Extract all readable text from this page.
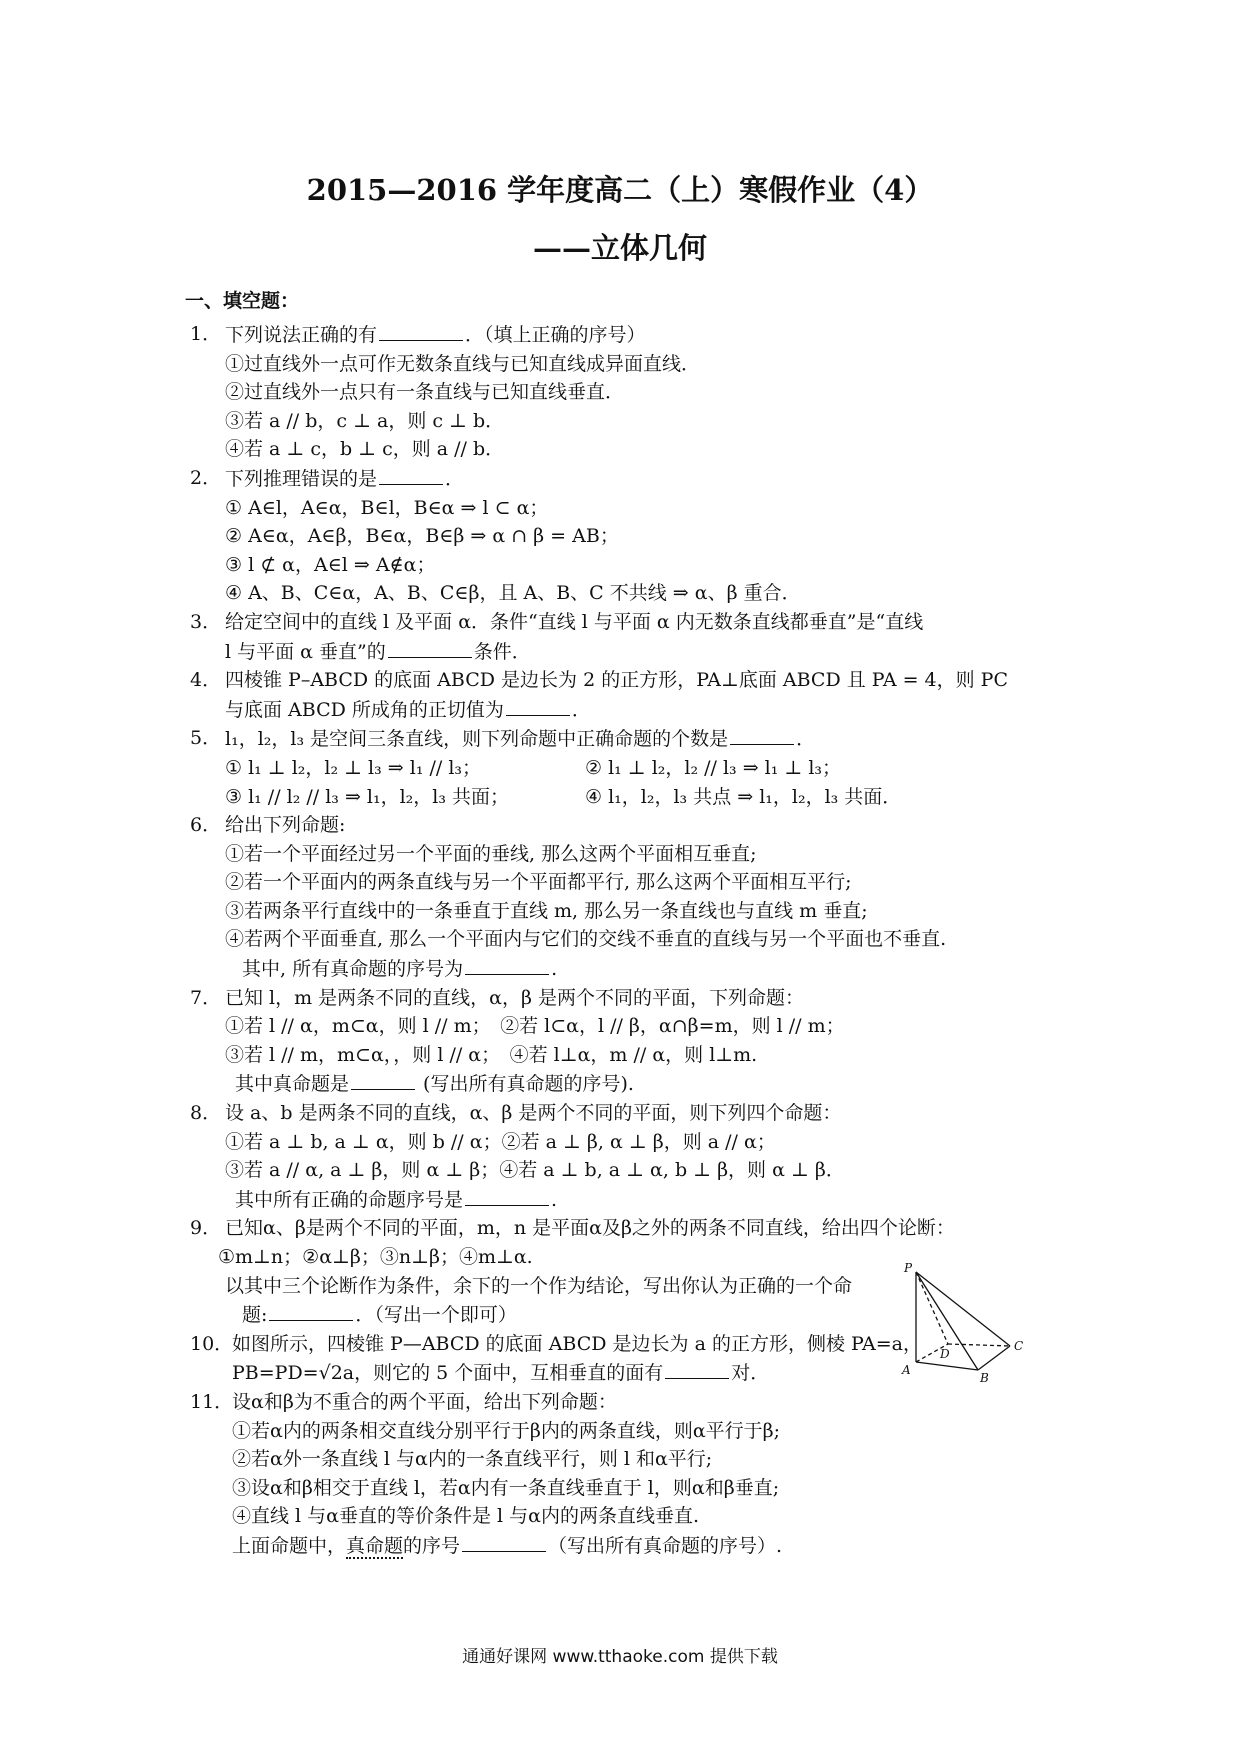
2015—2016 学年度高二（上）寒假作业（4）
——立体几何
一、填空题：
1． 下列说法正确的有	．（填上正确的序号）
①过直线外一点可作无数条直线与已知直线成异面直线．
②过直线外一点只有一条直线与已知直线垂直．
③若 a // b，c ⊥ a，则 c ⊥ b．
④若 a ⊥ c，b ⊥ c，则 a // b．
2． 下列推理错误的是	．
① A∈l，A∈α，B∈l，B∈α ⇒ l ⊂ α；
② A∈α，A∈β，B∈α，B∈β ⇒ α ∩ β = AB；
③ l ⊄ α，A∈l ⇒ A∉α；
④ A、B、C∈α，A、B、C∈β，且 A、B、C 不共线 ⇒ α、β 重合．
3． 给定空间中的直线 l 及平面 α．条件“直线 l 与平面 α 内无数条直线都垂直”是“直线
l 与平面 α 垂直”的	条件．
4． 四棱锥 P–ABCD 的底面 ABCD 是边长为 2 的正方形，PA⊥底面 ABCD 且 PA = 4，则 PC
与底面 ABCD 所成角的正切值为	．
5． l₁，l₂，l₃ 是空间三条直线，则下列命题中正确命题的个数是	．
① l₁ ⊥ l₂，l₂ ⊥ l₃ ⇒ l₁ // l₃；	② l₁ ⊥ l₂，l₂ // l₃ ⇒ l₁ ⊥ l₃；
③ l₁ // l₂ // l₃ ⇒ l₁，l₂，l₃ 共面；	④ l₁，l₂，l₃ 共点 ⇒ l₁，l₂，l₃ 共面．
6． 给出下列命题:
①若一个平面经过另一个平面的垂线, 那么这两个平面相互垂直;
②若一个平面内的两条直线与另一个平面都平行, 那么这两个平面相互平行;
③若两条平行直线中的一条垂直于直线 m, 那么另一条直线也与直线 m 垂直;
④若两个平面垂直, 那么一个平面内与它们的交线不垂直的直线与另一个平面也不垂直.
其中, 所有真命题的序号为	.
7． 已知 l，m 是两条不同的直线，α，β 是两个不同的平面，下列命题：
①若 l // α，m⊂α，则 l // m；　②若 l⊂α，l // β，α∩β=m，则 l // m；
③若 l // m，m⊂α，，则 l // α；　④若 l⊥α，m // α，则 l⊥m.
其中真命题是	(写出所有真命题的序号).
8． 设 a、b 是两条不同的直线，α、β 是两个不同的平面，则下列四个命题：
①若 a ⊥ b, a ⊥ α，则 b // α；②若 a ⊥ β, α ⊥ β，则 a // α；
③若 a // α, a ⊥ β，则 α ⊥ β；④若 a ⊥ b, a ⊥ α, b ⊥ β，则 α ⊥ β．
其中所有正确的命题序号是	.
9． 已知α、β是两个不同的平面，m，n 是平面α及β之外的两条不同直线，给出四个论断：
①m⊥n；②α⊥β；③n⊥β；④m⊥α.
以其中三个论断作为条件，余下的一个作为结论，写出你认为正确的一个命
题:	．（写出一个即可）
10．
如图所示，四棱锥 P—ABCD 的底面 ABCD 是边长为 a 的正方形，侧棱 PA=a，
PB=PD=√2a，则它的 5 个面中，互相垂直的面有	对．
11．
设α和β为不重合的两个平面，给出下列命题：
①若α内的两条相交直线分别平行于β内的两条直线，则α平行于β;
②若α外一条直线 l 与α内的一条直线平行，则 l 和α平行;
③设α和β相交于直线 l，若α内有一条直线垂直于 l，则α和β垂直;
④直线 l 与α垂直的等价条件是 l 与α内的两条直线垂直.
上面命题中，真命题的序号	（写出所有真命题的序号）.
P
A
B
C
D
通通好课网 www.tthaoke.com 提供下载
